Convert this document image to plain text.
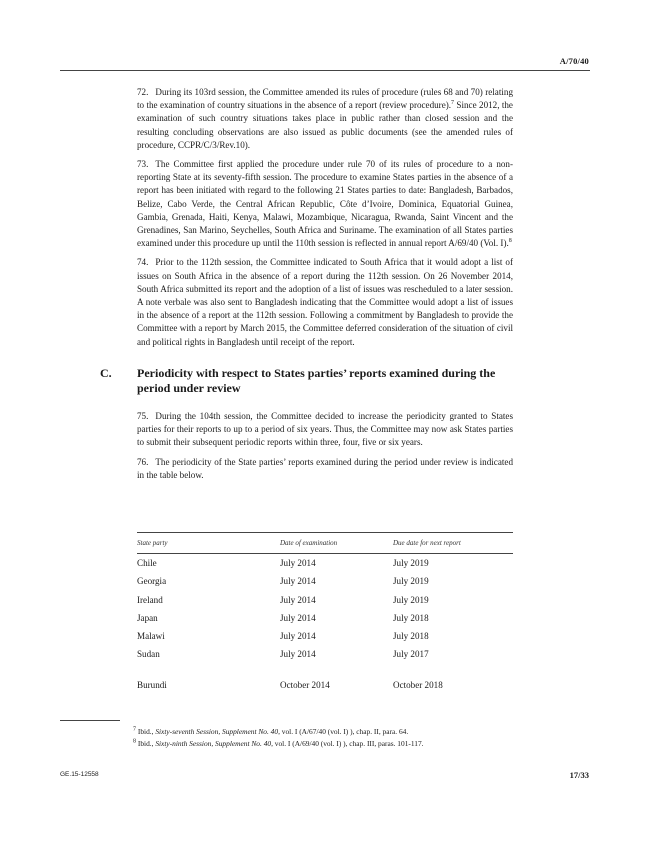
A/70/40

72. During its 103rd session, the Committee amended its rules of procedure (rules 68 and 70) relating to the examination of country situations in the absence of a report (review procedure).$^7$ Since 2012, the examination of such country situations takes place in public rather than closed session and the resulting concluding observations are also issued as public documents (see the amended rules of procedure, CCPR/C/3/Rev.10).

73. The Committee first applied the procedure under rule 70 of its rules of procedure to a non-reporting State at its seventy-fifth session. The procedure to examine States parties in the absence of a report has been initiated with regard to the following 21 States parties to date: Bangladesh, Barbados, Belize, Cabo Verde, the Central African Republic, Côte d’Ivoire, Dominica, Equatorial Guinea, Gambia, Grenada, Haiti, Kenya, Malawi, Mozambique, Nicaragua, Rwanda, Saint Vincent and the Grenadines, San Marino, Seychelles, South Africa and Suriname. The examination of all States parties examined under this procedure up until the 110th session is reflected in annual report A/69/40 (Vol. I).$^8$

74. Prior to the 112th session, the Committee indicated to South Africa that it would adopt a list of issues on South Africa in the absence of a report during the 112th session. On 26 November 2014, South Africa submitted its report and the adoption of a list of issues was rescheduled to a later session. A note verbale was also sent to Bangladesh indicating that the Committee would adopt a list of issues in the absence of a report at the 112th session. Following a commitment by Bangladesh to provide the Committee with a report by March 2015, the Committee deferred consideration of the situation of civil and political rights in Bangladesh until receipt of the report.

C. Periodicity with respect to States parties’ reports examined during the period under review

75. During the 104th session, the Committee decided to increase the periodicity granted to States parties for their reports to up to a period of six years. Thus, the Committee may now ask States parties to submit their subsequent periodic reports within three, four, five or six years.

76. The periodicity of the State parties’ reports examined during the period under review is indicated in the table below.

State party	Date of examination	Due date for next report
Chile	July 2014	July 2019
Georgia	July 2014	July 2019
Ireland	July 2014	July 2019
Japan	July 2014	July 2018
Malawi	July 2014	July 2018
Sudan	July 2014	July 2017
Burundi	October 2014	October 2018

$^7$ Ibid., Sixty-seventh Session, Supplement No. 40, vol. I (A/67/40 (vol. I) ), chap. II, para. 64.

$^8$ Ibid., Sixty-ninth Session, Supplement No. 40, vol. I (A/69/40 (vol. I) ), chap. III, paras. 101-117.

GE.15-12558	17/33
